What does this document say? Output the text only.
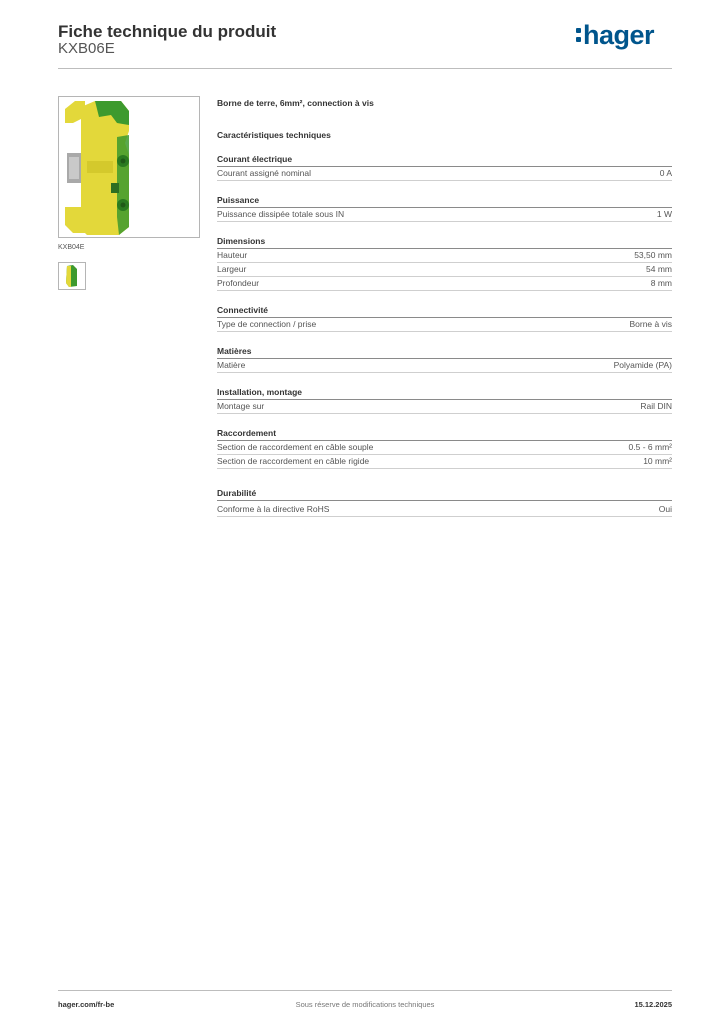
Fiche technique du produit
KXB06E	hager
KXB04E
Borne de terre, 6mm², connection à vis
Caractéristiques techniques
Courant électrique
Courant assigné nominal	0 A
Puissance
Puissance dissipée totale sous IN	1 W
Dimensions
Hauteur	53,50 mm
Largeur	54 mm
Profondeur	8 mm
Connectivité
Type de connection / prise	Borne à vis
Matières
Matière	Polyamide (PA)
Installation, montage
Montage sur	Rail DIN
Raccordement
Section de raccordement en câble souple	0.5 - 6 mm²
Section de raccordement en câble rigide	10 mm²
Durabilité
Conforme à la directive RoHS	Oui
hager.com/fr-be	Sous réserve de modifications techniques	15.12.2025
